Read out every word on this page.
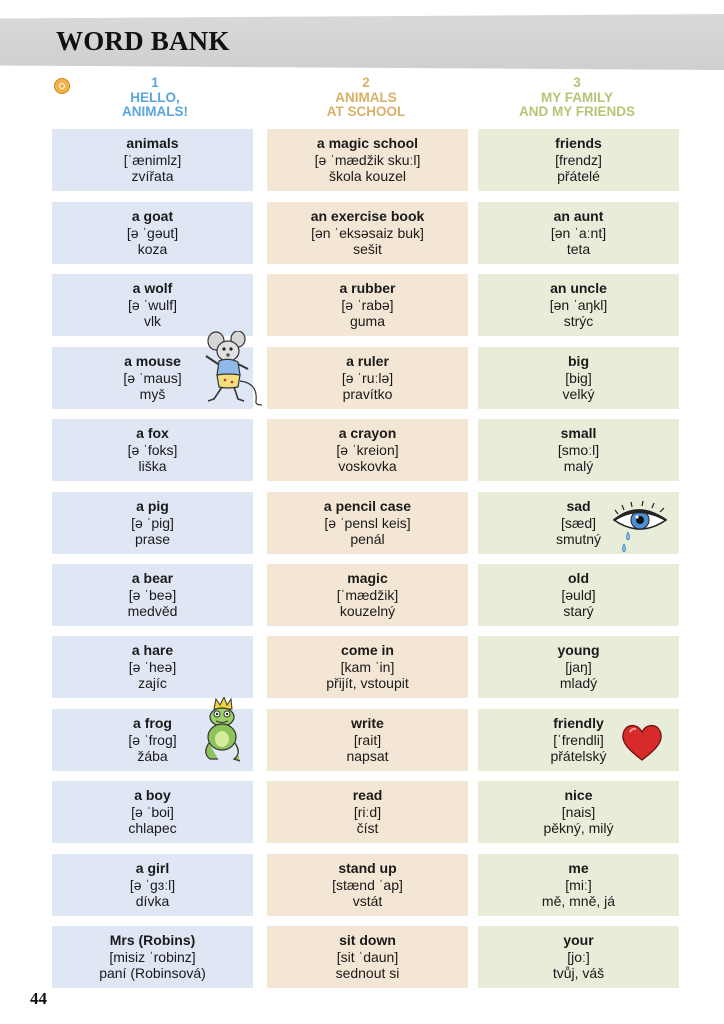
WORD BANK
1
HELLO,
ANIMALS!
2
ANIMALS
AT SCHOOL
3
MY FAMILY
AND MY FRIENDS
animals
[ˈænimlz]
zvířata
a goat
[ə ˈgəut]
koza
a wolf
[ə ˈwulf]
vlk
a mouse
[ə ˈmaus]
myš
a fox
[ə ˈfoks]
liška
a pig
[ə ˈpig]
prase
a bear
[ə ˈbeə]
medvěd
a hare
[ə ˈheə]
zajíc
a frog
[ə ˈfrog]
žába
a boy
[ə ˈboi]
chlapec
a girl
[ə ˈgɜːl]
dívka
Mrs (Robins)
[misiz ˈrobinz]
paní (Robinsová)
a magic school
[ə ˈmædžik skuːl]
škola kouzel
an exercise book
[ən ˈeksəsaiz buk]
sešit
a rubber
[ə ˈrabə]
guma
a ruler
[ə ˈruːlə]
pravítko
a crayon
[ə ˈkreion]
voskovka
a pencil case
[ə ˈpensl keis]
penál
magic
[ˈmædžik]
kouzelný
come in
[kam ˈin]
přijít, vstoupit
write
[rait]
napsat
read
[riːd]
číst
stand up
[stænd ˈap]
vstát
sit down
[sit ˈdaun]
sednout si
friends
[frendz]
přátelé
an aunt
[ən ˈaːnt]
teta
an uncle
[ən ˈaŋkl]
strýc
big
[big]
velký
small
[smoːl]
malý
sad
[sæd]
smutný
old
[əuld]
starý
young
[jaŋ]
mladý
friendly
[ˈfrendli]
přátelský
nice
[nais]
pěkný, milý
me
[miː]
mě, mně, já
your
[joː]
tvůj, váš
44
